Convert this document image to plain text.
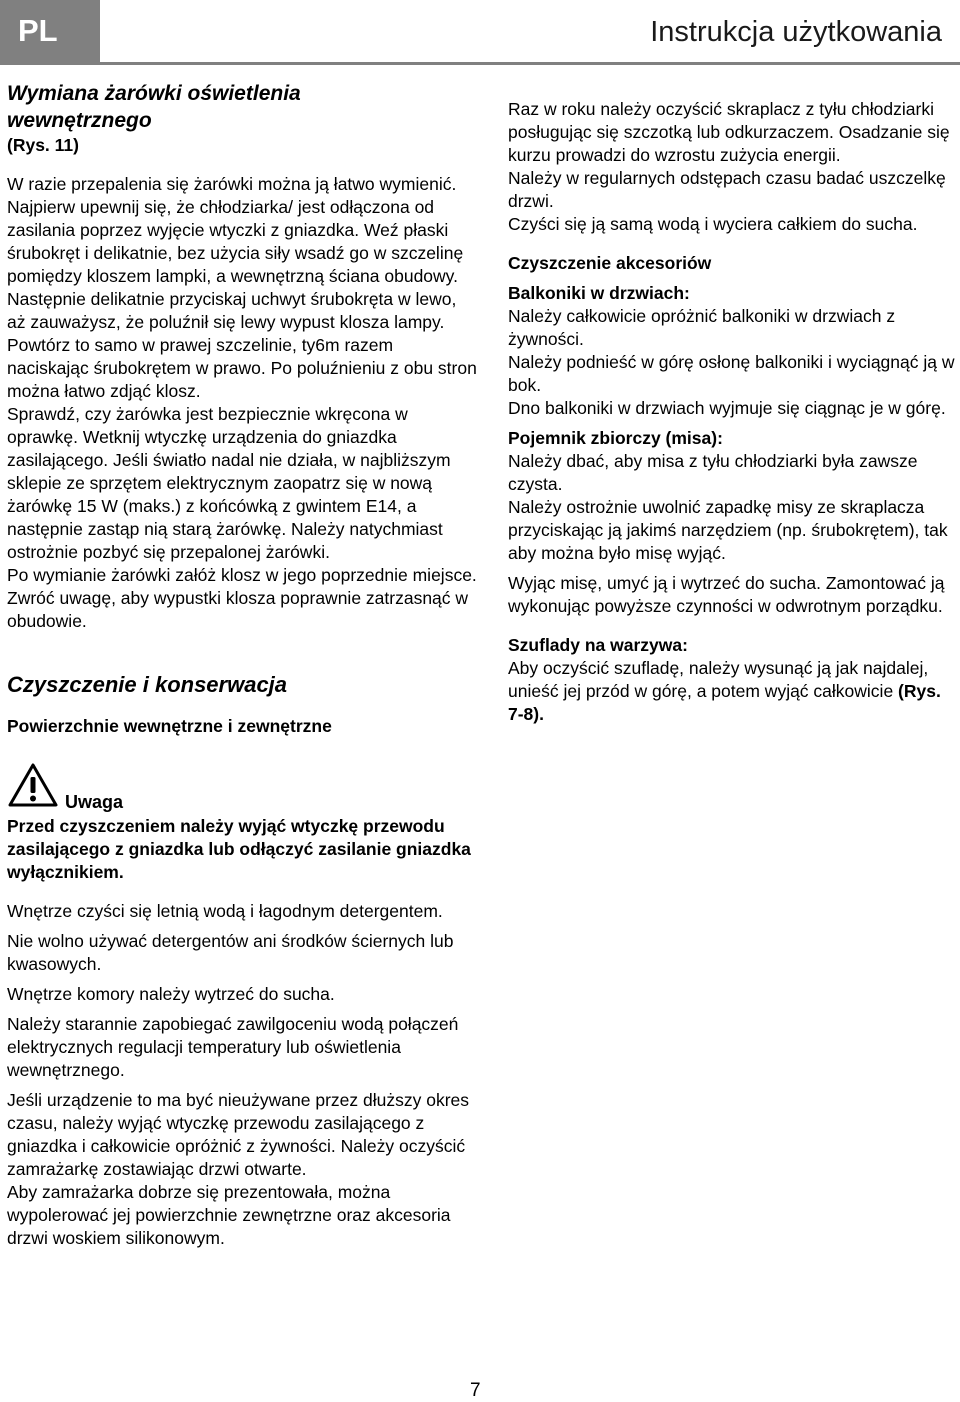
PL	Instrukcja użytkowania

Wymiana żarówki oświetlenia

wewnętrznego

(Rys. 11)

W razie przepalenia się żarówki można ją łatwo wymienić. Najpierw upewnij się, że chłodziarka/ jest odłączona od zasilania poprzez wyjęcie wtyczki z gniazdka. Weź płaski śrubokręt i delikatnie, bez użycia siły wsadź go w szczelinę pomiędzy kloszem lampki, a wewnętrzną ściana obudowy. Następnie delikatnie przyciskaj uchwyt śrubokręta w lewo, aż zauważysz, że poluźnił się lewy wypust klosza lampy. Powtórz to samo w prawej szczelinie, ty6m razem naciskając śrubokrętem w prawo. Po poluźnieniu z obu stron można łatwo zdjąć klosz.

Sprawdź, czy żarówka jest bezpiecznie wkręcona w oprawkę. Wetknij wtyczkę urządzenia do gniazdka zasilającego. Jeśli światło nadal nie działa, w najbliższym sklepie ze sprzętem elektrycznym zaopatrz się w nową żarówkę 15 W (maks.) z końcówką z gwintem E14, a następnie zastąp nią starą żarówkę. Należy natychmiast ostrożnie pozbyć się przepalonej żarówki.

Po wymianie żarówki załóż klosz w jego poprzednie miejsce. Zwróć uwagę, aby wypustki klosza poprawnie zatrzasnąć w obudowie.

Czyszczenie i konserwacja

Powierzchnie wewnętrzne i zewnętrzne

Uwaga

Przed czyszczeniem należy wyjąć wtyczkę przewodu zasilającego z gniazdka lub odłączyć zasilanie gniazdka wyłącznikiem.

Wnętrze czyści się letnią wodą i łagodnym detergentem.

Nie wolno używać detergentów ani środków ściernych lub kwasowych.

Wnętrze komory należy wytrzeć do sucha.

Należy starannie zapobiegać zawilgoceniu wodą połączeń elektrycznych regulacji temperatury lub oświetlenia wewnętrznego.

Jeśli urządzenie to ma być nieużywane przez dłuższy okres czasu, należy wyjąć wtyczkę przewodu zasilającego z gniazdka i całkowicie opróżnić z żywności. Należy oczyścić zamrażarkę zostawiając drzwi otwarte.

Aby zamrażarka dobrze się prezentowała, można wypolerować jej powierzchnie zewnętrzne oraz akcesoria drzwi woskiem silikonowym.

Raz w roku należy oczyścić skraplacz z tyłu chłodziarki posługując się szczotką lub odkurzaczem. Osadzanie się kurzu prowadzi do wzrostu zużycia energii.

Należy w regularnych odstępach czasu badać uszczelkę drzwi.

Czyści się ją samą wodą i wyciera całkiem do sucha.

Czyszczenie akcesoriów

Balkoniki w drzwiach:

Należy całkowicie opróżnić balkoniki w drzwiach z żywności.

Należy podnieść w górę osłonę balkoniki i wyciągnąć ją w bok.

Dno balkoniki w drzwiach wyjmuje się ciągnąc je w górę.

Pojemnik zbiorczy (misa):

Należy dbać, aby misa z tyłu chłodziarki była zawsze czysta.

Należy ostrożnie uwolnić zapadkę misy ze skraplacza przyciskając ją jakimś narzędziem (np. śrubokrętem), tak aby można było misę wyjąć.

Wyjąc misę, umyć ją i wytrzeć do sucha. Zamontować ją wykonując powyższe czynności w odwrotnym porządku.

Szuflady na warzywa:

Aby oczyścić szufladę, należy wysunąć ją jak najdalej, unieść jej przód w górę, a potem wyjąć całkowicie (Rys. 7-8).

7
